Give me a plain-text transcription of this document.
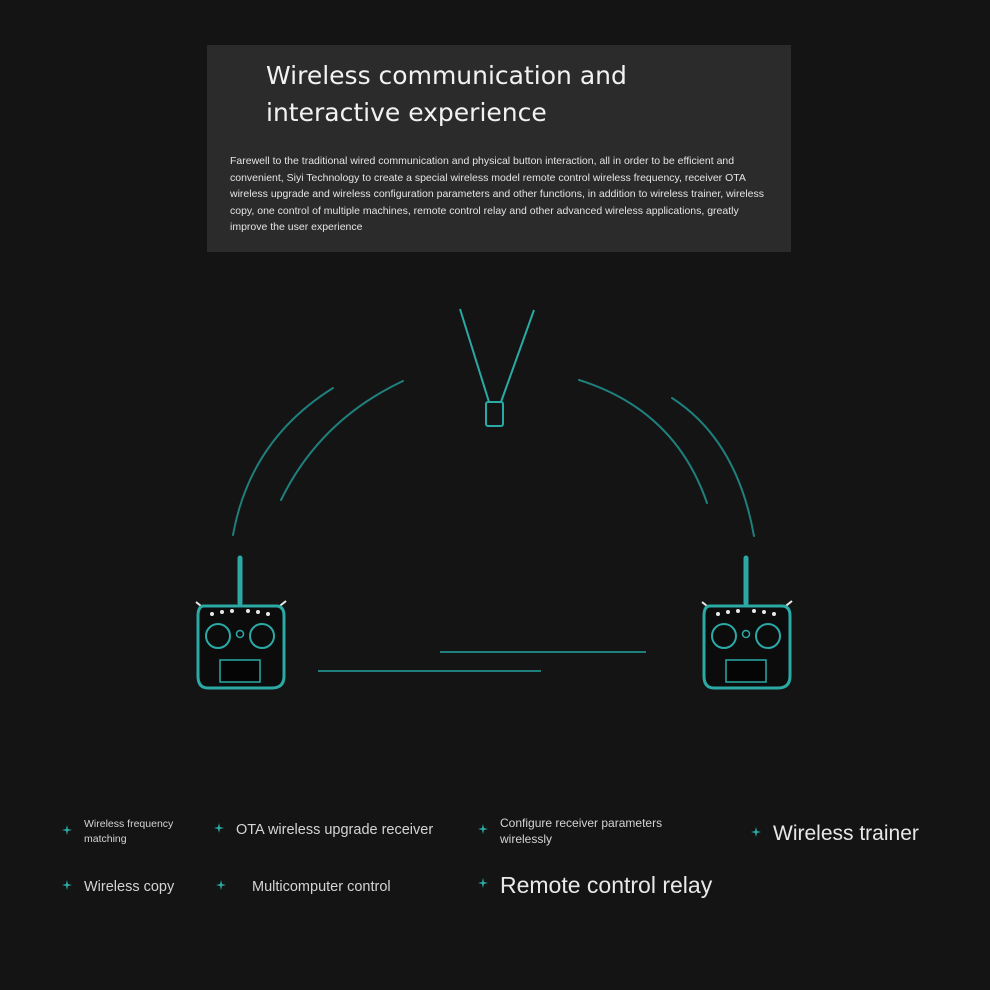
Wireless communication and interactive experience

Farewell to the traditional wired communication and physical button interaction, all in order to be efficient and convenient, Siyi Technology to create a special wireless model remote control wireless frequency, receiver OTA wireless upgrade and wireless configuration parameters and other functions, in addition to wireless trainer, wireless copy, one control of multiple machines, remote control relay and other advanced wireless applications, greatly improve the user experience

Wireless frequency matching
OTA wireless upgrade receiver	Configure receiver parameters wirelessly	Wireless trainer
Wireless copy	Multicomputer control	Remote control relay
